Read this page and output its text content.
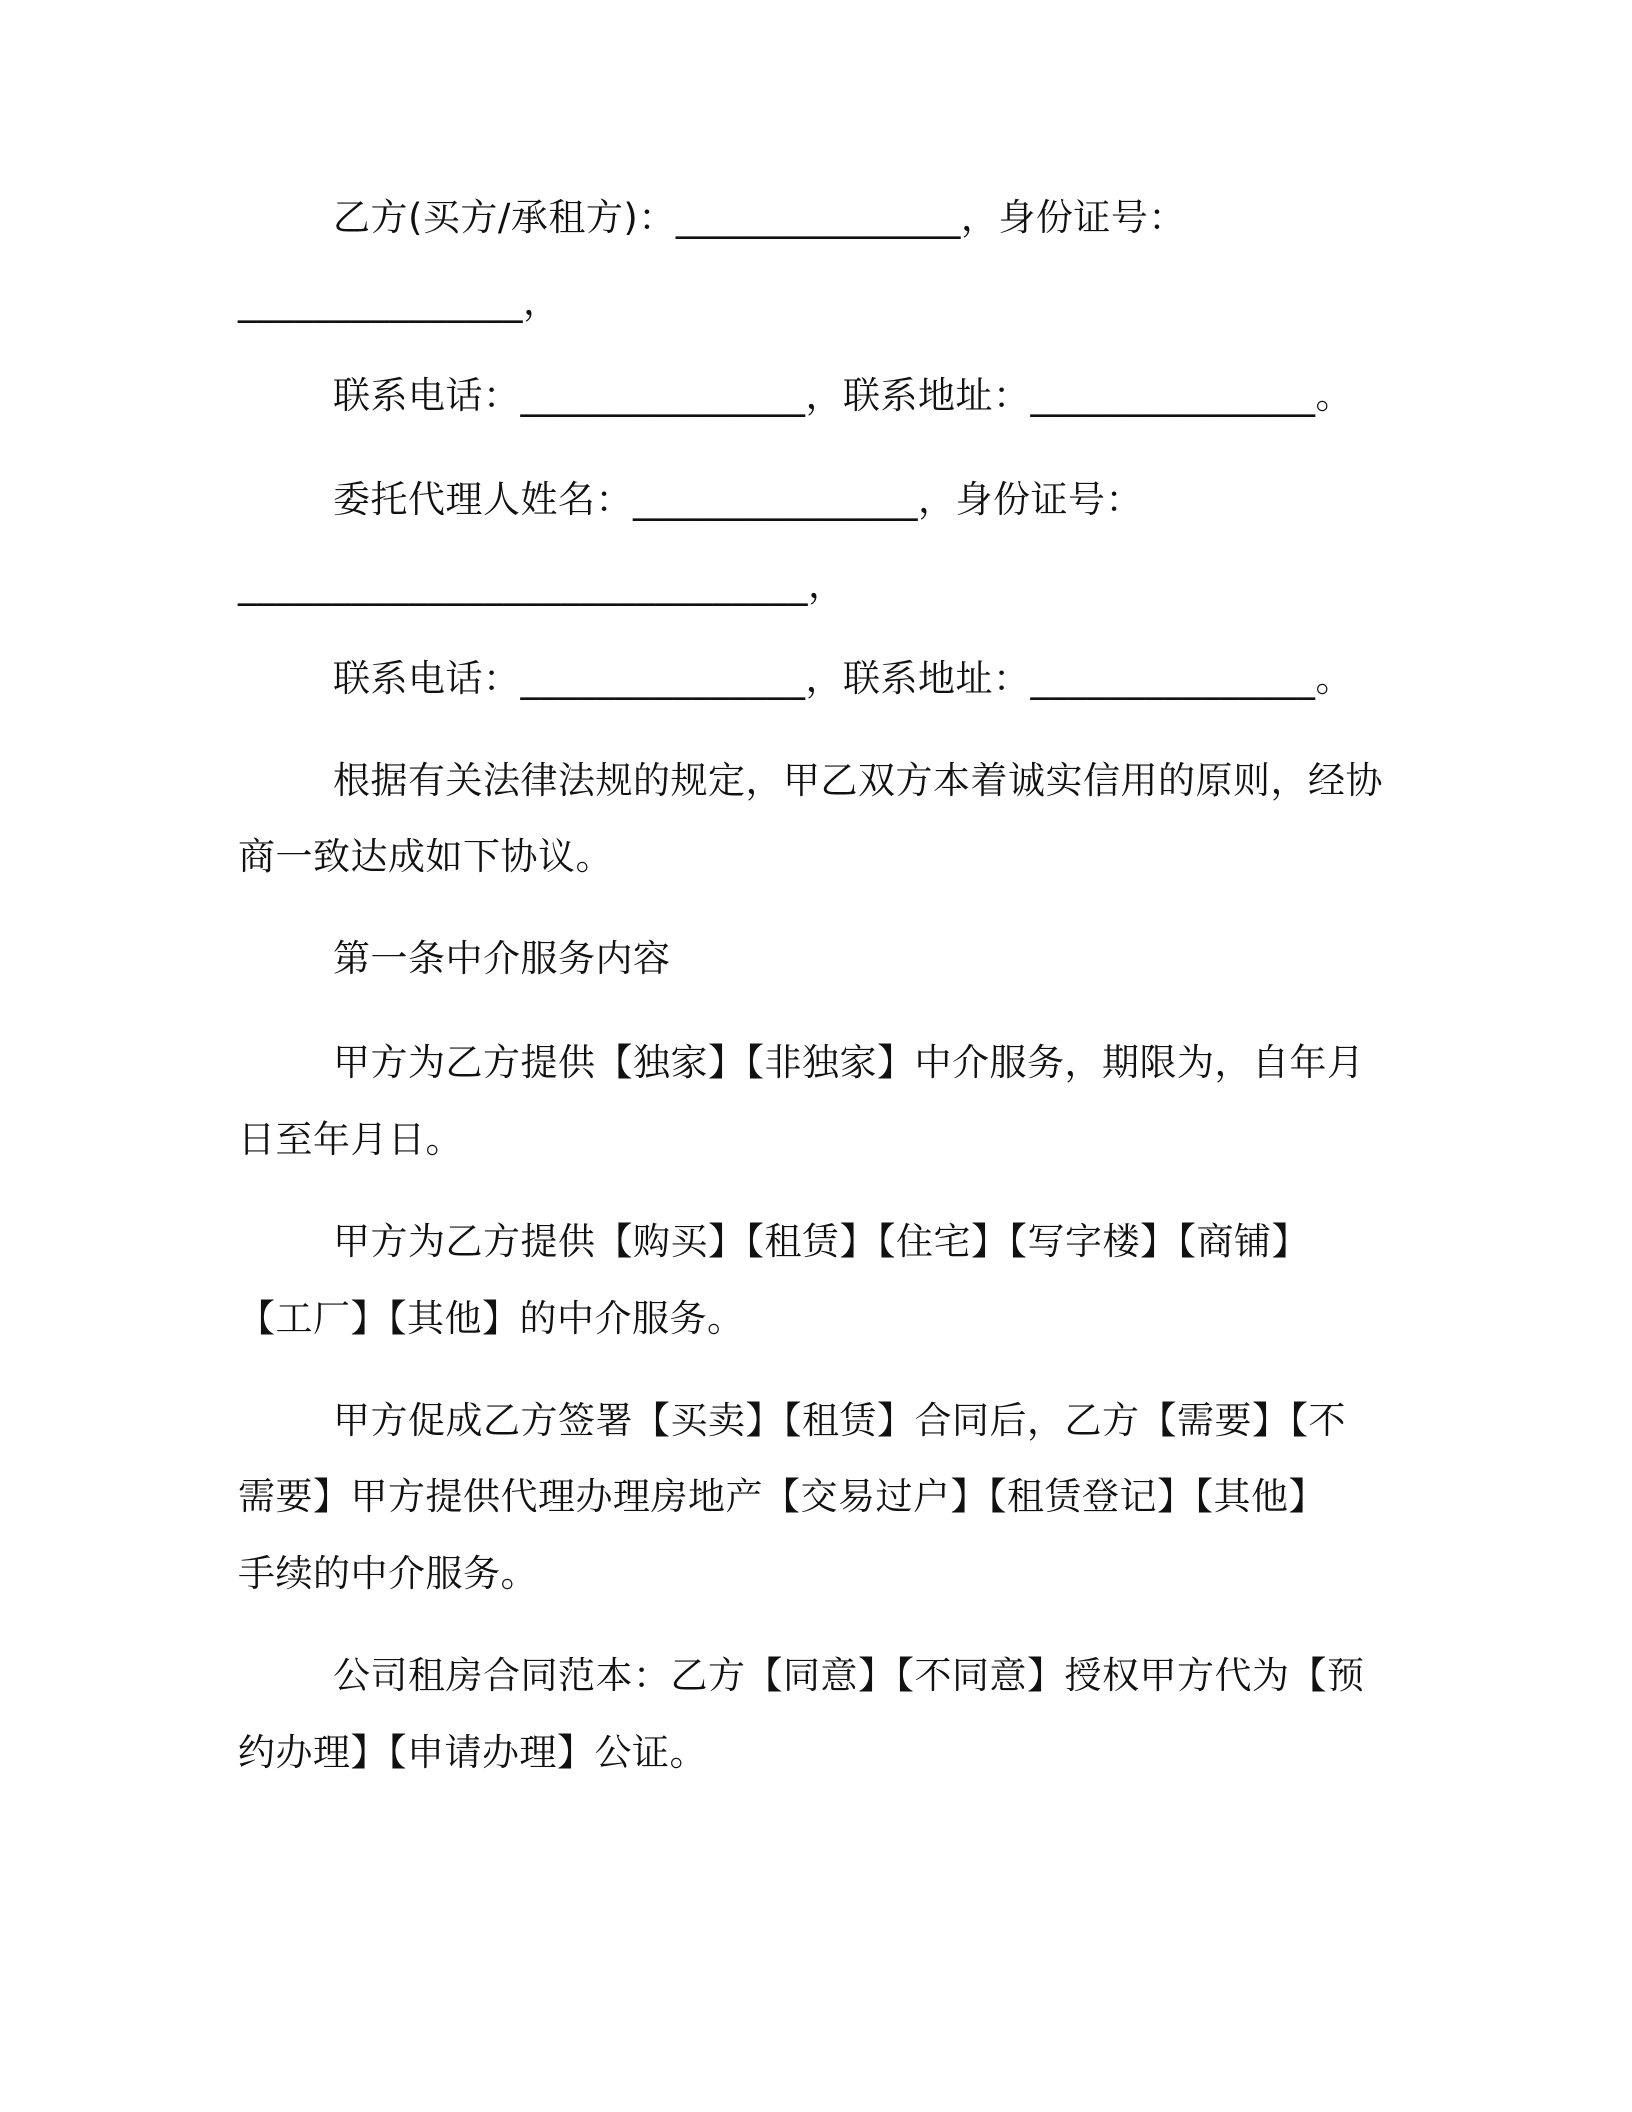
乙方(买方/承租方)：_______________，身份证号：
_______________，
联系电话：_______________，联系地址：_______________。
委托代理人姓名：_______________，身份证号：
______________________________，
联系电话：_______________，联系地址：_______________。
根据有关法律法规的规定，甲乙双方本着诚实信用的原则，经协
商一致达成如下协议。
第一条中介服务内容
甲方为乙方提供【独家】【非独家】中介服务，期限为，自年月
日至年月日。
甲方为乙方提供【购买】【租赁】【住宅】【写字楼】【商铺】
【工厂】【其他】的中介服务。
甲方促成乙方签署【买卖】【租赁】合同后，乙方【需要】【不
需要】甲方提供代理办理房地产【交易过户】【租赁登记】【其他】
手续的中介服务。
公司租房合同范本：乙方【同意】【不同意】授权甲方代为【预
约办理】【申请办理】公证。
